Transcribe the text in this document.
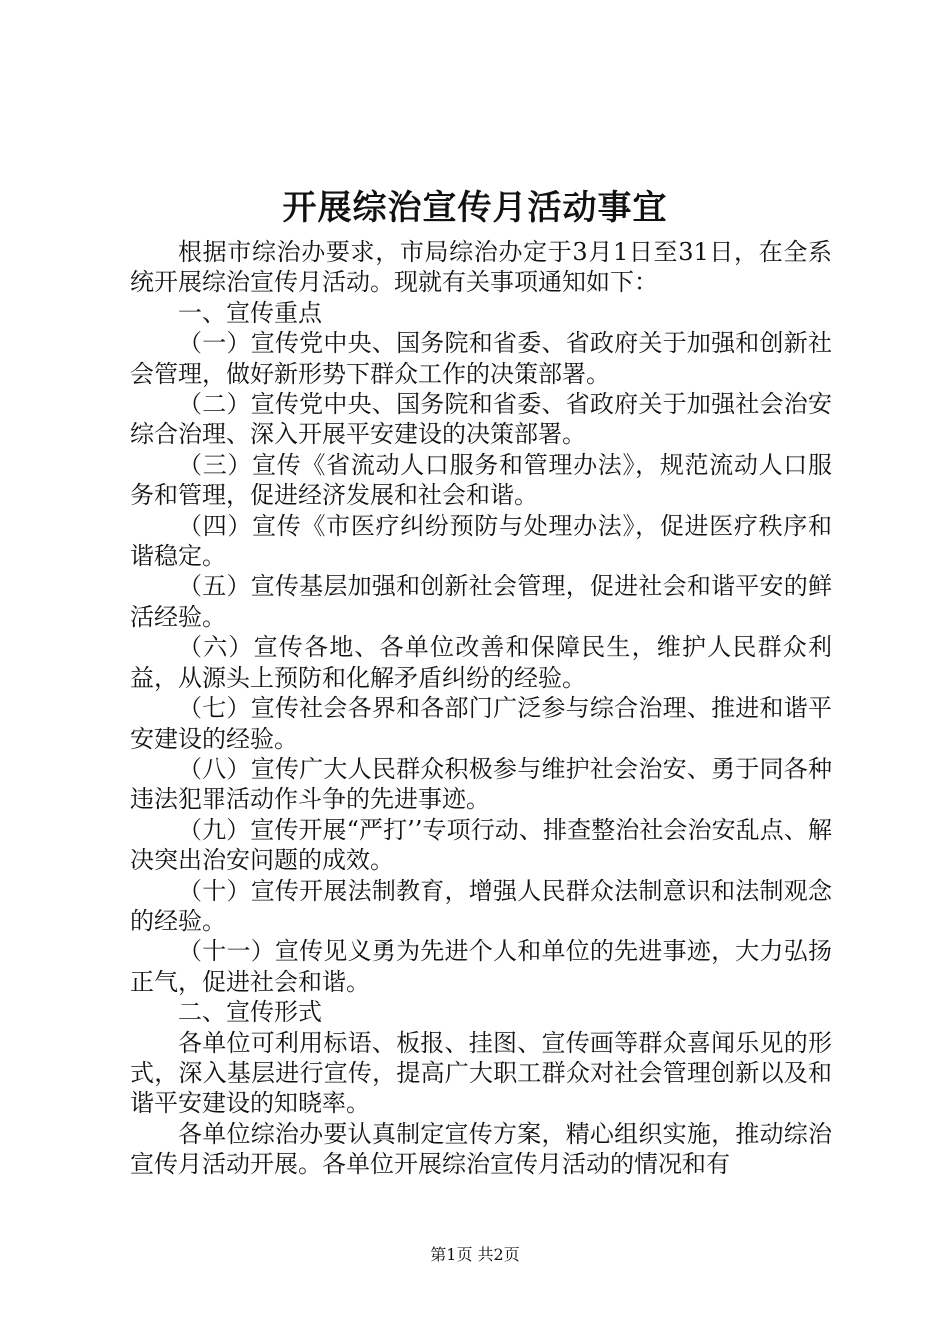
开展综治宣传月活动事宜

根据市综治办要求，市局综治办定于3月1日至31日，在全系统开展综治宣传月活动。现就有关事项通知如下：

一、宣传重点

（一）宣传党中央、国务院和省委、省政府关于加强和创新社会管理，做好新形势下群众工作的决策部署。

（二）宣传党中央、国务院和省委、省政府关于加强社会治安综合治理、深入开展平安建设的决策部署。

（三）宣传《省流动人口服务和管理办法》，规范流动人口服务和管理，促进经济发展和社会和谐。

（四）宣传《市医疗纠纷预防与处理办法》，促进医疗秩序和谐稳定。

（五）宣传基层加强和创新社会管理，促进社会和谐平安的鲜活经验。

（六）宣传各地、各单位改善和保障民生，维护人民群众利益，从源头上预防和化解矛盾纠纷的经验。

（七）宣传社会各界和各部门广泛参与综合治理、推进和谐平安建设的经验。

（八）宣传广大人民群众积极参与维护社会治安、勇于同各种违法犯罪活动作斗争的先进事迹。

（九）宣传开展“严打’’专项行动、排查整治社会治安乱点、解决突出治安问题的成效。

（十）宣传开展法制教育，增强人民群众法制意识和法制观念的经验。

（十一）宣传见义勇为先进个人和单位的先进事迹，大力弘扬正气，促进社会和谐。

二、宣传形式

各单位可利用标语、板报、挂图、宣传画等群众喜闻乐见的形式，深入基层进行宣传，提高广大职工群众对社会管理创新以及和谐平安建设的知晓率。

各单位综治办要认真制定宣传方案，精心组织实施，推动综治宣传月活动开展。各单位开展综治宣传月活动的情况和有

第1页 共2页
